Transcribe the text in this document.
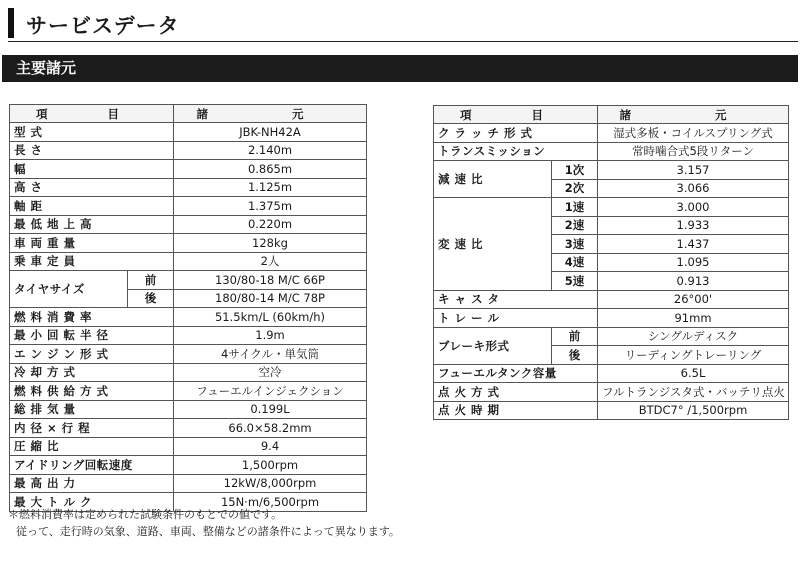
サービスデータ
主要諸元
項 目		諸 元
型 式		JBK-NH42A
長 さ		2.140m
幅		0.865m
高 さ		1.125m
軸 距		1.375m
最 低 地 上 高		0.220m
車 両 重 量		128kg
乗 車 定 員		2人
タイヤサイズ	前	130/80-18 M/C 66P
	後	180/80-14 M/C 78P
燃 料 消 費 率		51.5km/L (60km/h)
最 小 回 転 半 径		1.9m
エ ン ジ ン 形 式		4サイクル・単気筒
冷 却 方 式		空冷
燃 料 供 給 方 式		フューエルインジェクション
総 排 気 量		0.199L
内 径 × 行 程		66.0×58.2mm
圧 縮 比		9.4
アイドリング回転速度		1,500rpm
最 高 出 力		12kW/8,000rpm
最 大 ト ル ク		15N·m/6,500rpm
項 目		諸 元
ク ラ ッ チ 形 式		湿式多板・コイルスプリング式
トランスミッション		常時噛合式5段リターン
減 速 比	1次	3.157
	2次	3.066
変 速 比	1速	3.000
	2速	1.933
	3速	1.437
	4速	1.095
	5速	0.913
キ ャ ス タ		26°00'
ト レ ー ル		91mm
ブレーキ形式	前	シングルディスク
	後	リーディングトレーリング
フューエルタンク容量		6.5L
点 火 方 式		フルトランジスタ式・バッテリ点火
点 火 時 期		BTDC7° /1,500rpm
＊燃料消費率は定められた試験条件のもとでの値です。
従って、走行時の気象、道路、車両、整備などの諸条件によって異なります。
